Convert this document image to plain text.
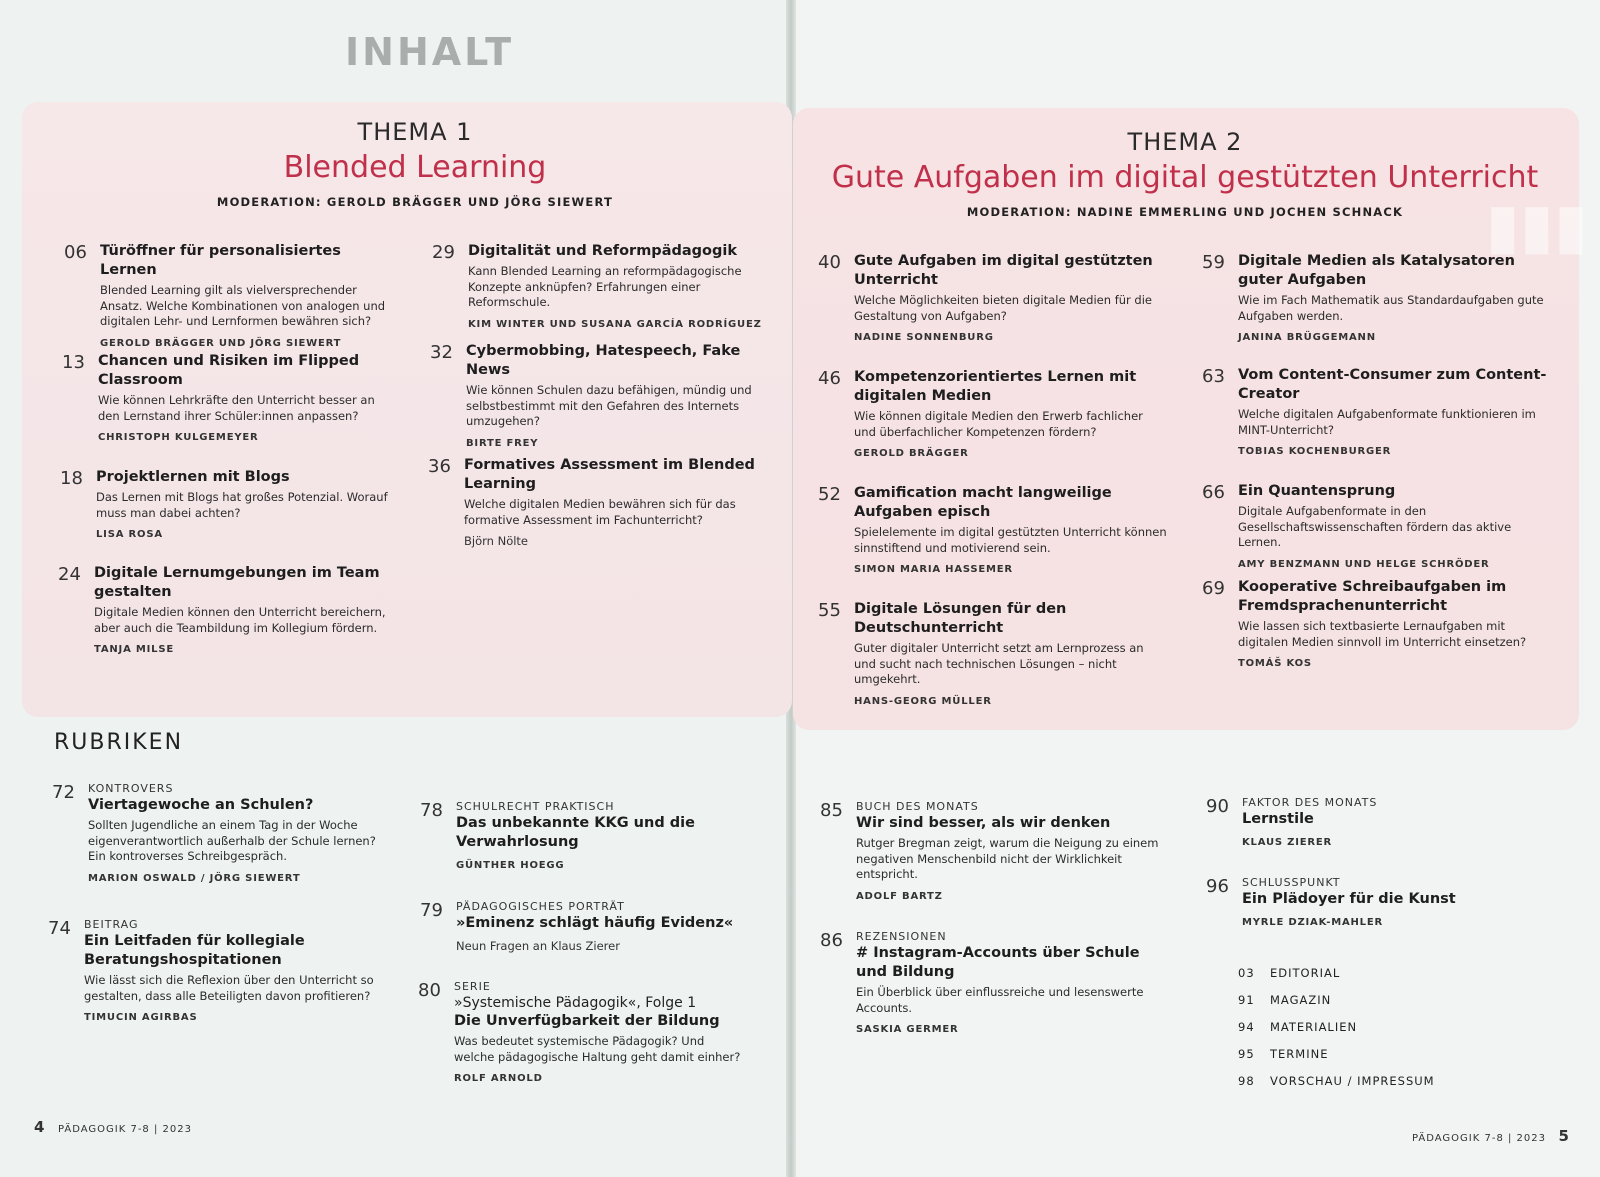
INHALT
▮▮▮
THEMA 1
Blended Learning
MODERATION: GEROLD BRÄGGER UND JÖRG SIEWERT
06 Türöffner für personalisiertes Lernen
Blended Learning gilt als vielversprechender Ansatz. Welche Kombinationen von analogen und digitalen Lehr- und Lernformen bewähren sich?
GEROLD BRÄGGER UND JÖRG SIEWERT
13 Chancen und Risiken im Flipped Classroom
Wie können Lehrkräfte den Unterricht besser an den Lernstand ihrer Schüler:innen anpassen?
CHRISTOPH KULGEMEYER
18 Projektlernen mit Blogs
Das Lernen mit Blogs hat großes Potenzial. Worauf muss man dabei achten?
LISA ROSA
24 Digitale Lernumgebungen im Team gestalten
Digitale Medien können den Unterricht bereichern, aber auch die Teambildung im Kollegium fördern.
TANJA MILSE
29 Digitalität und Reformpädagogik
Kann Blended Learning an reformpädagogische Konzepte anknüpfen? Erfahrungen einer Reformschule.
KIM WINTER UND SUSANA GARCÍA RODRÍGUEZ
32 Cybermobbing, Hatespeech, Fake News
Wie können Schulen dazu befähigen, mündig und selbstbestimmt mit den Gefahren des Internets umzugehen?
BIRTE FREY
36 Formatives Assessment im Blended Learning
Welche digitalen Medien bewähren sich für das formative Assessment im Fachunterricht?
Björn Nölte
THEMA 2
Gute Aufgaben im digital gestützten Unterricht
MODERATION: NADINE EMMERLING UND JOCHEN SCHNACK
40 Gute Aufgaben im digital gestützten Unterricht
Welche Möglichkeiten bieten digitale Medien für die Gestaltung von Aufgaben?
NADINE SONNENBURG
46 Kompetenzorientiertes Lernen mit digitalen Medien
Wie können digitale Medien den Erwerb fachlicher und überfachlicher Kompetenzen fördern?
GEROLD BRÄGGER
52 Gamification macht langweilige Aufgaben episch
Spielelemente im digital gestützten Unterricht können sinnstiftend und motivierend sein.
SIMON MARIA HASSEMER
55 Digitale Lösungen für den Deutschunterricht
Guter digitaler Unterricht setzt am Lernprozess an und sucht nach technischen Lösungen – nicht umgekehrt.
HANS-GEORG MÜLLER
59 Digitale Medien als Katalysatoren guter Aufgaben
Wie im Fach Mathematik aus Standardaufgaben gute Aufgaben werden.
JANINA BRÜGGEMANN
63 Vom Content-Consumer zum Content-Creator
Welche digitalen Aufgabenformate funktionieren im MINT-Unterricht?
TOBIAS KOCHENBURGER
66 Ein Quantensprung
Digitale Aufgabenformate in den Gesellschaftswissenschaften fördern das aktive Lernen.
AMY BENZMANN UND HELGE SCHRÖDER
69 Kooperative Schreibaufgaben im Fremdsprachenunterricht
Wie lassen sich textbasierte Lernaufgaben mit digitalen Medien sinnvoll im Unterricht einsetzen?
TOMÁŠ KOS
RUBRIKEN
72 KONTROVERS
Viertagewoche an Schulen?
Sollten Jugendliche an einem Tag in der Woche eigenverantwortlich außerhalb der Schule lernen? Ein kontroverses Schreibgespräch.
MARION OSWALD / JÖRG SIEWERT
74 BEITRAG
Ein Leitfaden für kollegiale Beratungshospitationen
Wie lässt sich die Reflexion über den Unterricht so gestalten, dass alle Beteiligten davon profitieren?
TIMUCIN AGIRBAS
78 SCHULRECHT PRAKTISCH
Das unbekannte KKG und die Verwahrlosung
GÜNTHER HOEGG
79 PÄDAGOGISCHES PORTRÄT
»Eminenz schlägt häufig Evidenz«
Neun Fragen an Klaus Zierer
80 SERIE
»Systemische Pädagogik«, Folge 1
Die Unverfügbarkeit der Bildung
Was bedeutet systemische Pädagogik? Und welche pädagogische Haltung geht damit einher?
ROLF ARNOLD
85 BUCH DES MONATS
Wir sind besser, als wir denken
Rutger Bregman zeigt, warum die Neigung zu einem negativen Menschenbild nicht der Wirklichkeit entspricht.
ADOLF BARTZ
86 REZENSIONEN
# Instagram-Accounts über Schule und Bildung
Ein Überblick über einflussreiche und lesenswerte Accounts.
SASKIA GERMER
90 FAKTOR DES MONATS
Lernstile
KLAUS ZIERER
96 SCHLUSSPUNKT
Ein Plädoyer für die Kunst
MYRLE DZIAK-MAHLER
03 EDITORIAL
91 MAGAZIN
94 MATERIALIEN
95 TERMINE
98 VORSCHAU / IMPRESSUM
4 PÄDAGOGIK 7-8 | 2023
PÄDAGOGIK 7-8 | 2023 5
